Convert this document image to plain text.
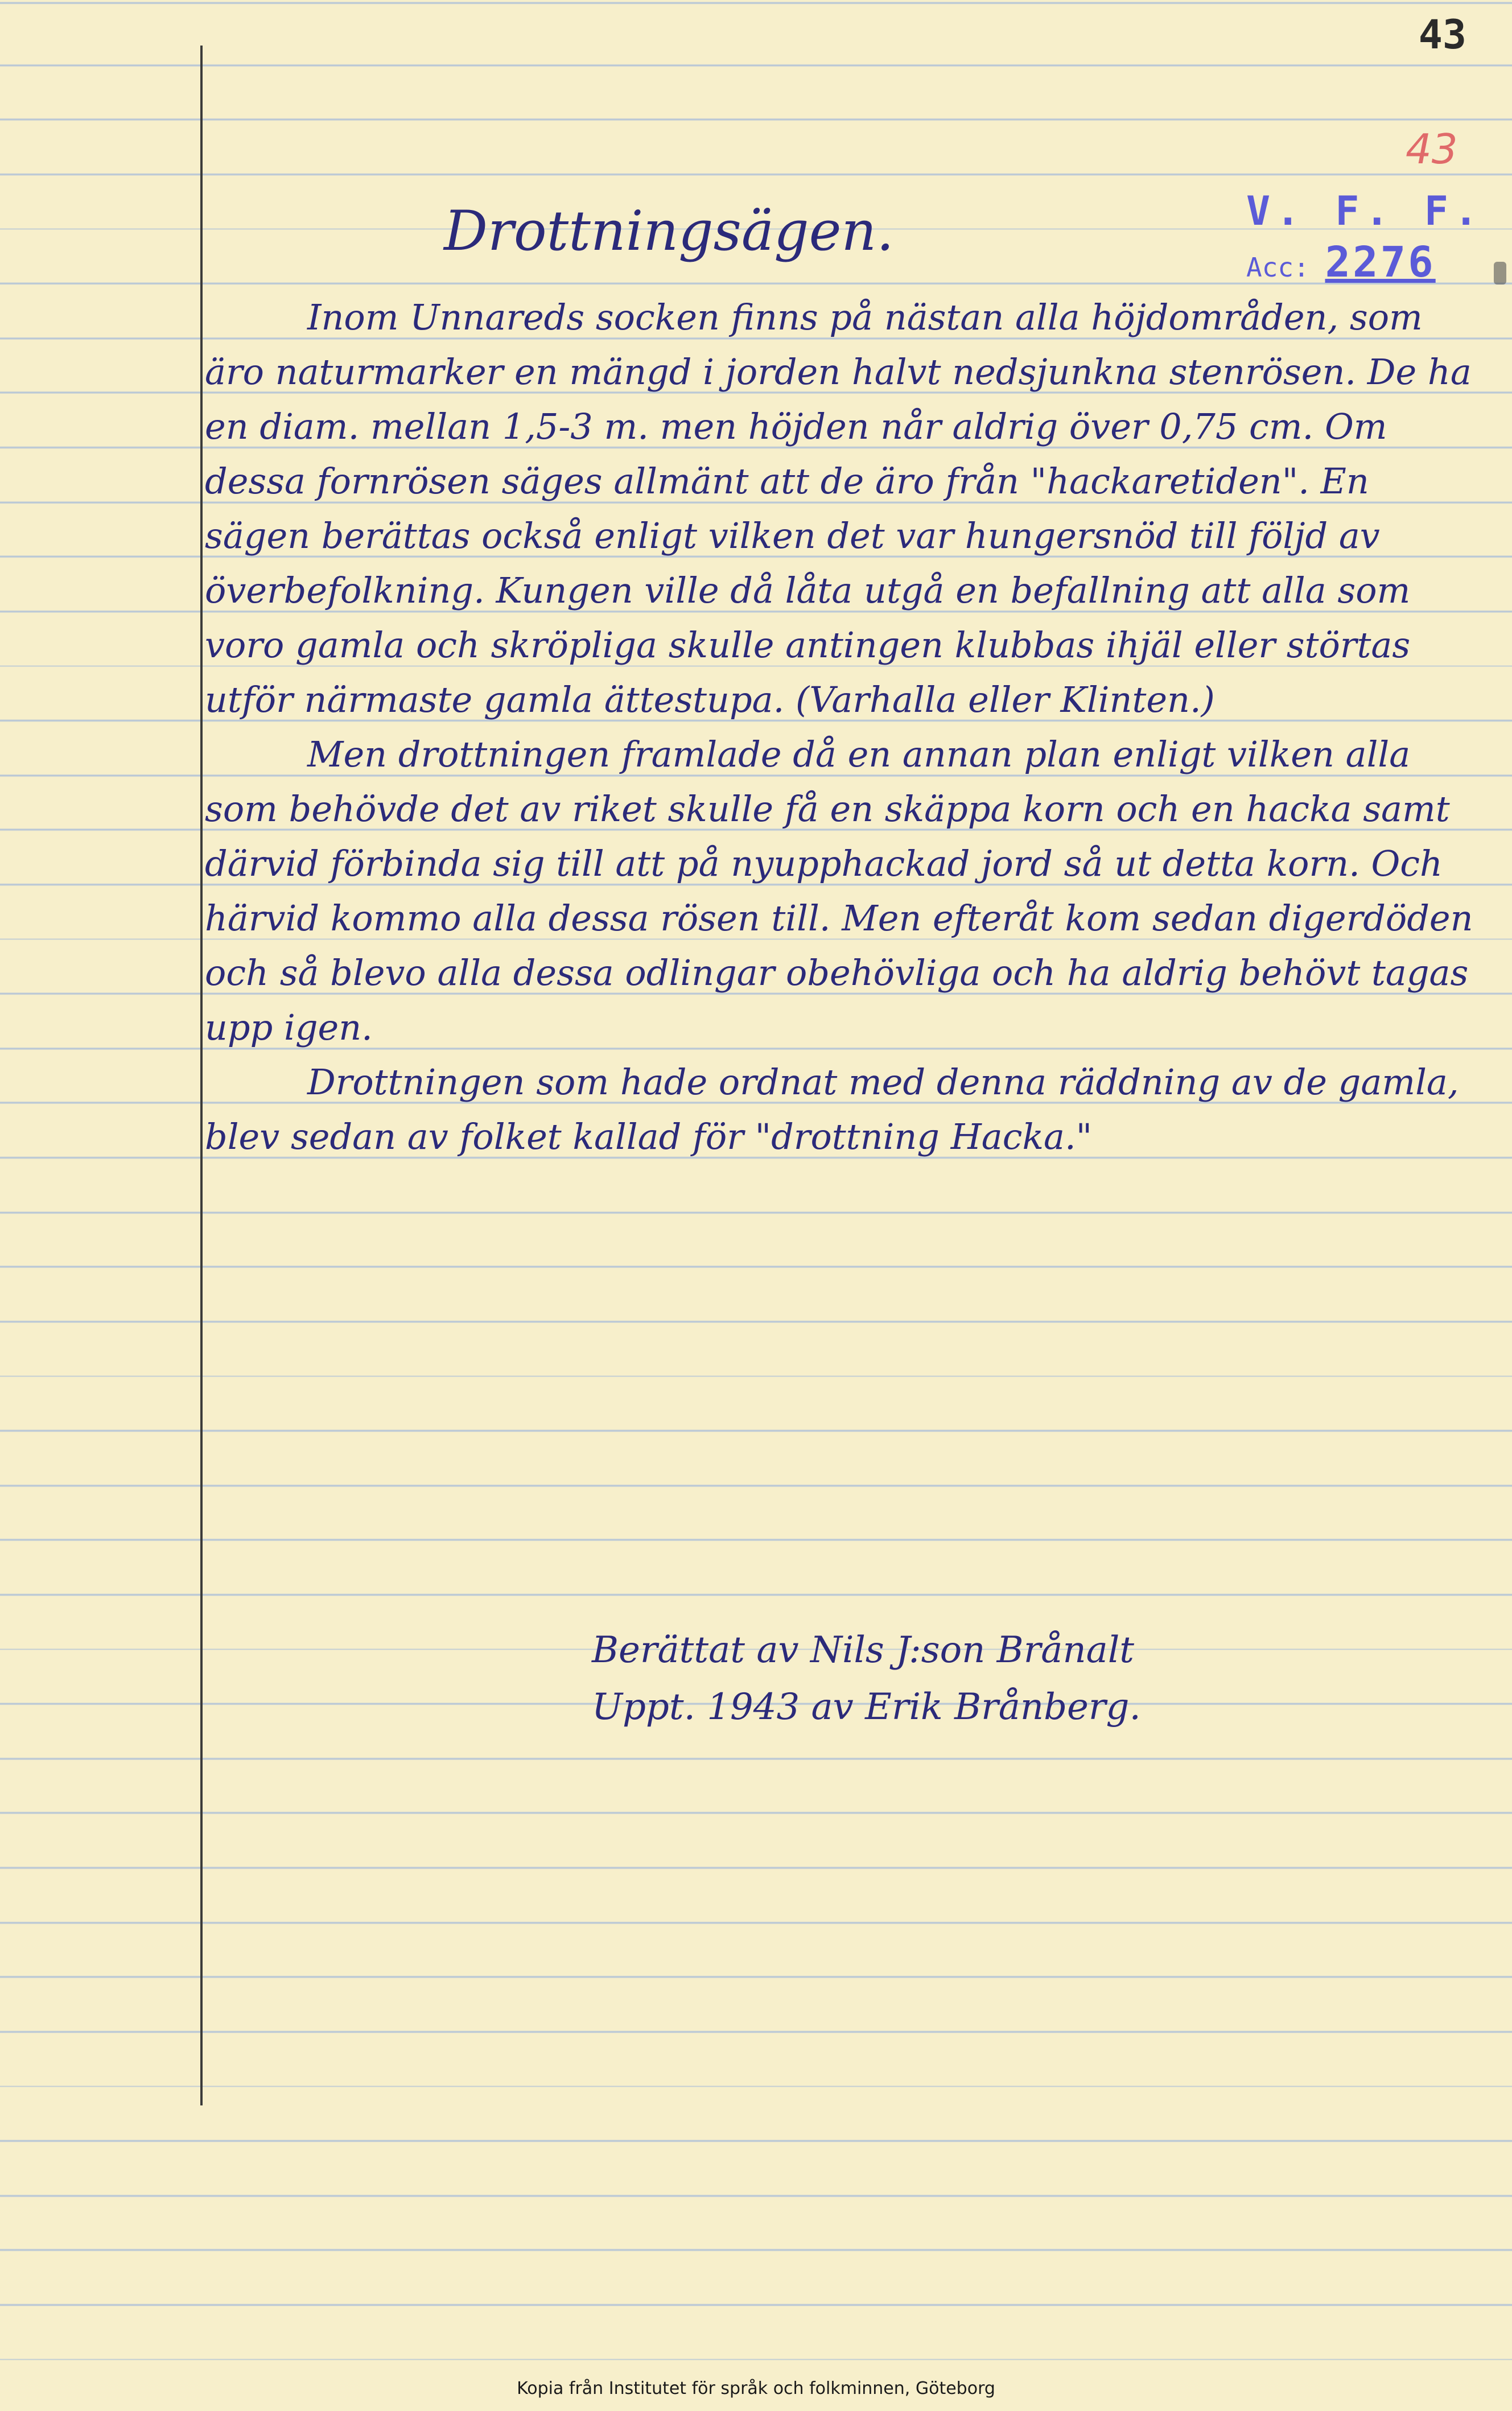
43
43
V. F. F.
Acc: 2276
Drottningsägen.

Inom Unnareds socken finns på nästan alla höjdområden, som äro naturmarker en mängd i jorden halvt nedsjunkna stenrösen. De ha en diam. mellan 1,5-3 m. men höjden når aldrig över 0,75 cm. Om dessa fornrösen säges allmänt att de äro från "hackaretiden". En sägen berättas också enligt vilken det var hungersnöd till följd av överbefolkning. Kungen ville då låta utgå en befallning att alla som voro gamla och skröpliga skulle antingen klubbas ihjäl eller störtas utför närmaste gamla ättestupa. (Varhalla eller Klinten.)

Men drottningen framlade då en annan plan enligt vilken alla som behövde det av riket skulle få en skäppa korn och en hacka samt därvid förbinda sig till att på nyupphackad jord så ut detta korn. Och härvid kommo alla dessa rösen till. Men efteråt kom sedan digerdöden och så blevo alla dessa odlingar obehövliga och ha aldrig behövt tagas upp igen.

Drottningen som hade ordnat med denna räddning av de gamla, blev sedan av folket kallad för "drottning Hacka."

Berättat av Nils J:son Brånalt
Uppt. 1943 av Erik Brånberg.
Kopia från Institutet för språk och folkminnen, Göteborg
